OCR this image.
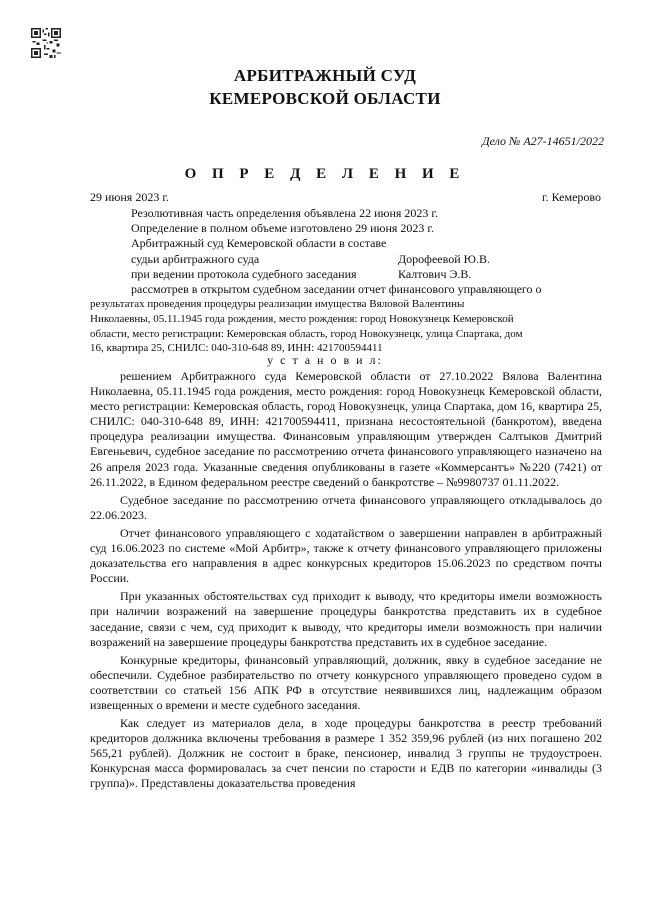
АРБИТРАЖНЫЙ СУД
КЕМЕРОВСКОЙ ОБЛАСТИ
Дело № А27-14651/2022
О П Р Е Д Е Л Е Н И Е
29 июня 2023 г.	г. Кемерово
Резолютивная часть определения объявлена 22 июня 2023 г.
Определение в полном объеме изготовлено 29 июня 2023 г.
Арбитражный суд Кемеровской области в составе
судьи арбитражного суда	Дорофеевой Ю.В.
при ведении протокола судебного заседания	Калтович Э.В.
рассмотрев в открытом судебном заседании отчет финансового управляющего о
результатах проведения процедуры реализации имущества Вяловой Валентины
Николаевны, 05.11.1945 года рождения, место рождения: город Новокузнецк Кемеровской
области, место регистрации: Кемеровская область, город Новокузнецк, улица Спартака, дом
16, квартира 25, СНИЛС: 040-310-648 89, ИНН: 421700594411
у с т а н о в и л:

решением Арбитражного суда Кемеровской области от 27.10.2022 Вялова Валентина Николаевна, 05.11.1945 года рождения, место рождения: город Новокузнецк Кемеровской области, место регистрации: Кемеровская область, город Новокузнецк, улица Спартака, дом 16, квартира 25, СНИЛС: 040-310-648 89, ИНН: 421700594411, признана несостоятельной (банкротом), введена процедура реализации имущества. Финансовым управляющим утвержден Салтыков Дмитрий Евгеньевич, судебное заседание по рассмотрению отчета финансового управляющего назначено на 26 апреля 2023 года. Указанные сведения опубликованы в газете «Коммерсантъ» №220 (7421) от 26.11.2022, в Едином федеральном реестре сведений о банкротстве – №9980737 01.11.2022.

Судебное заседание по рассмотрению отчета финансового управляющего откладывалось до 22.06.2023.

Отчет финансового управляющего с ходатайством о завершении направлен в арбитражный суд 16.06.2023 по системе «Мой Арбитр», также к отчету финансового управляющего приложены доказательства его направления в адрес конкурсных кредиторов 15.06.2023 по средством почты России.

При указанных обстоятельствах суд приходит к выводу, что кредиторы имели возможность при наличии возражений на завершение процедуры банкротства представить их в судебное заседание, связи с чем, суд приходит к выводу, что кредиторы имели возможность при наличии возражений на завершение процедуры банкротства представить их в судебное заседание.

Конкурные кредиторы, финансовый управляющий, должник, явку в судебное заседание не обеспечили. Судебное разбирательство по отчету конкурсного управляющего проведено судом в соответствии со статьей 156 АПК РФ в отсутствие неявившихся лиц, надлежащим образом извещенных о времени и месте судебного заседания.

Как следует из материалов дела, в ходе процедуры банкротства в реестр требований кредиторов должника включены требования в размере 1 352 359,96 рублей (из них погашено 202 565,21 рублей). Должник не состоит в браке, пенсионер, инвалид 3 группы не трудоустроен. Конкурсная масса формировалась за счет пенсии по старости и ЕДВ по категории «инвалиды (3 группа)». Представлены доказательства проведения
